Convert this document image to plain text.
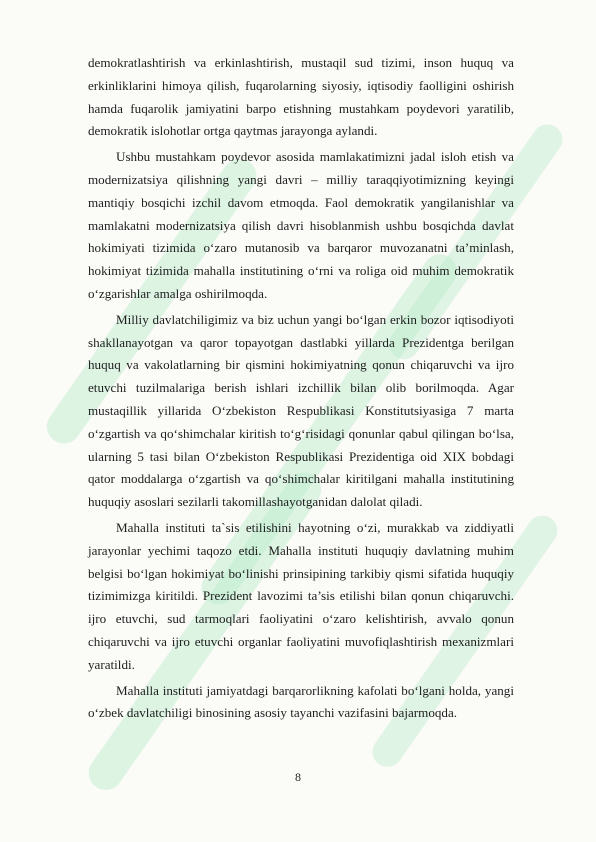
demokratlashtirish va erkinlashtirish, mustaqil sud tizimi, inson huquq va erkinliklarini himoya qilish, fuqarolarning siyosiy, iqtisodiy faolligini oshirish hamda fuqarolik jamiyatini barpo etishning mustahkam poydevori yaratilib, demokratik islohotlar ortga qaytmas jarayonga aylandi.

Ushbu mustahkam poydevor asosida mamlakatimizni jadal isloh etish va modernizatsiya qilishning yangi davri – milliy taraqqiyotimizning keyingi mantiqiy bosqichi izchil davom etmoqda. Faol demokratik yangilanishlar va mamlakatni modernizatsiya qilish davri hisoblanmish ushbu bosqichda davlat hokimiyati tizimida o‘zaro mutanosib va barqaror muvozanatni ta’minlash, hokimiyat tizimida mahalla institutining o‘rni va roliga oid muhim demokratik o‘zgarishlar amalga oshirilmoqda.

Milliy davlatchiligimiz va biz uchun yangi bo‘lgan erkin bozor iqtisodiyoti shakllanayotgan va qaror topayotgan dastlabki yillarda Prezidentga berilgan huquq va vakolatlarning bir qismini hokimiyatning qonun chiqaruvchi va ijro etuvchi tuzilmalariga berish ishlari izchillik bilan olib borilmoqda. Agar mustaqillik yillarida O‘zbekiston Respublikasi Konstitutsiyasiga 7 marta o‘zgartish va qo‘shimchalar kiritish to‘g‘risidagi qonunlar qabul qilingan bo‘lsa, ularning 5 tasi bilan O‘zbekiston Respublikasi Prezidentiga oid XIX bobdagi qator moddalarga o‘zgartish va qo‘shimchalar kiritilgani mahalla institutining huquqiy asoslari sezilarli takomillashayotganidan dalolat qiladi.

Mahalla instituti ta`sis etilishini hayotning o‘zi, murakkab va ziddiyatli jarayonlar yechimi taqozo etdi. Mahalla instituti huquqiy davlatning muhim belgisi bo‘lgan hokimiyat bo‘linishi prinsipining tarkibiy qismi sifatida huquqiy tizimimizga kiritildi. Prezident lavozimi ta’sis etilishi bilan qonun chiqaruvchi. ijro etuvchi, sud tarmoqlari faoliyatini o‘zaro kelishtirish, avvalo qonun chiqaruvchi va ijro etuvchi organlar faoliyatini muvofiqlashtirish mexanizmlari yaratildi.

Mahalla instituti jamiyatdagi barqarorlikning kafolati bo‘lgani holda, yangi o‘zbek davlatchiligi binosining asosiy tayanchi vazifasini bajarmoqda.

8
